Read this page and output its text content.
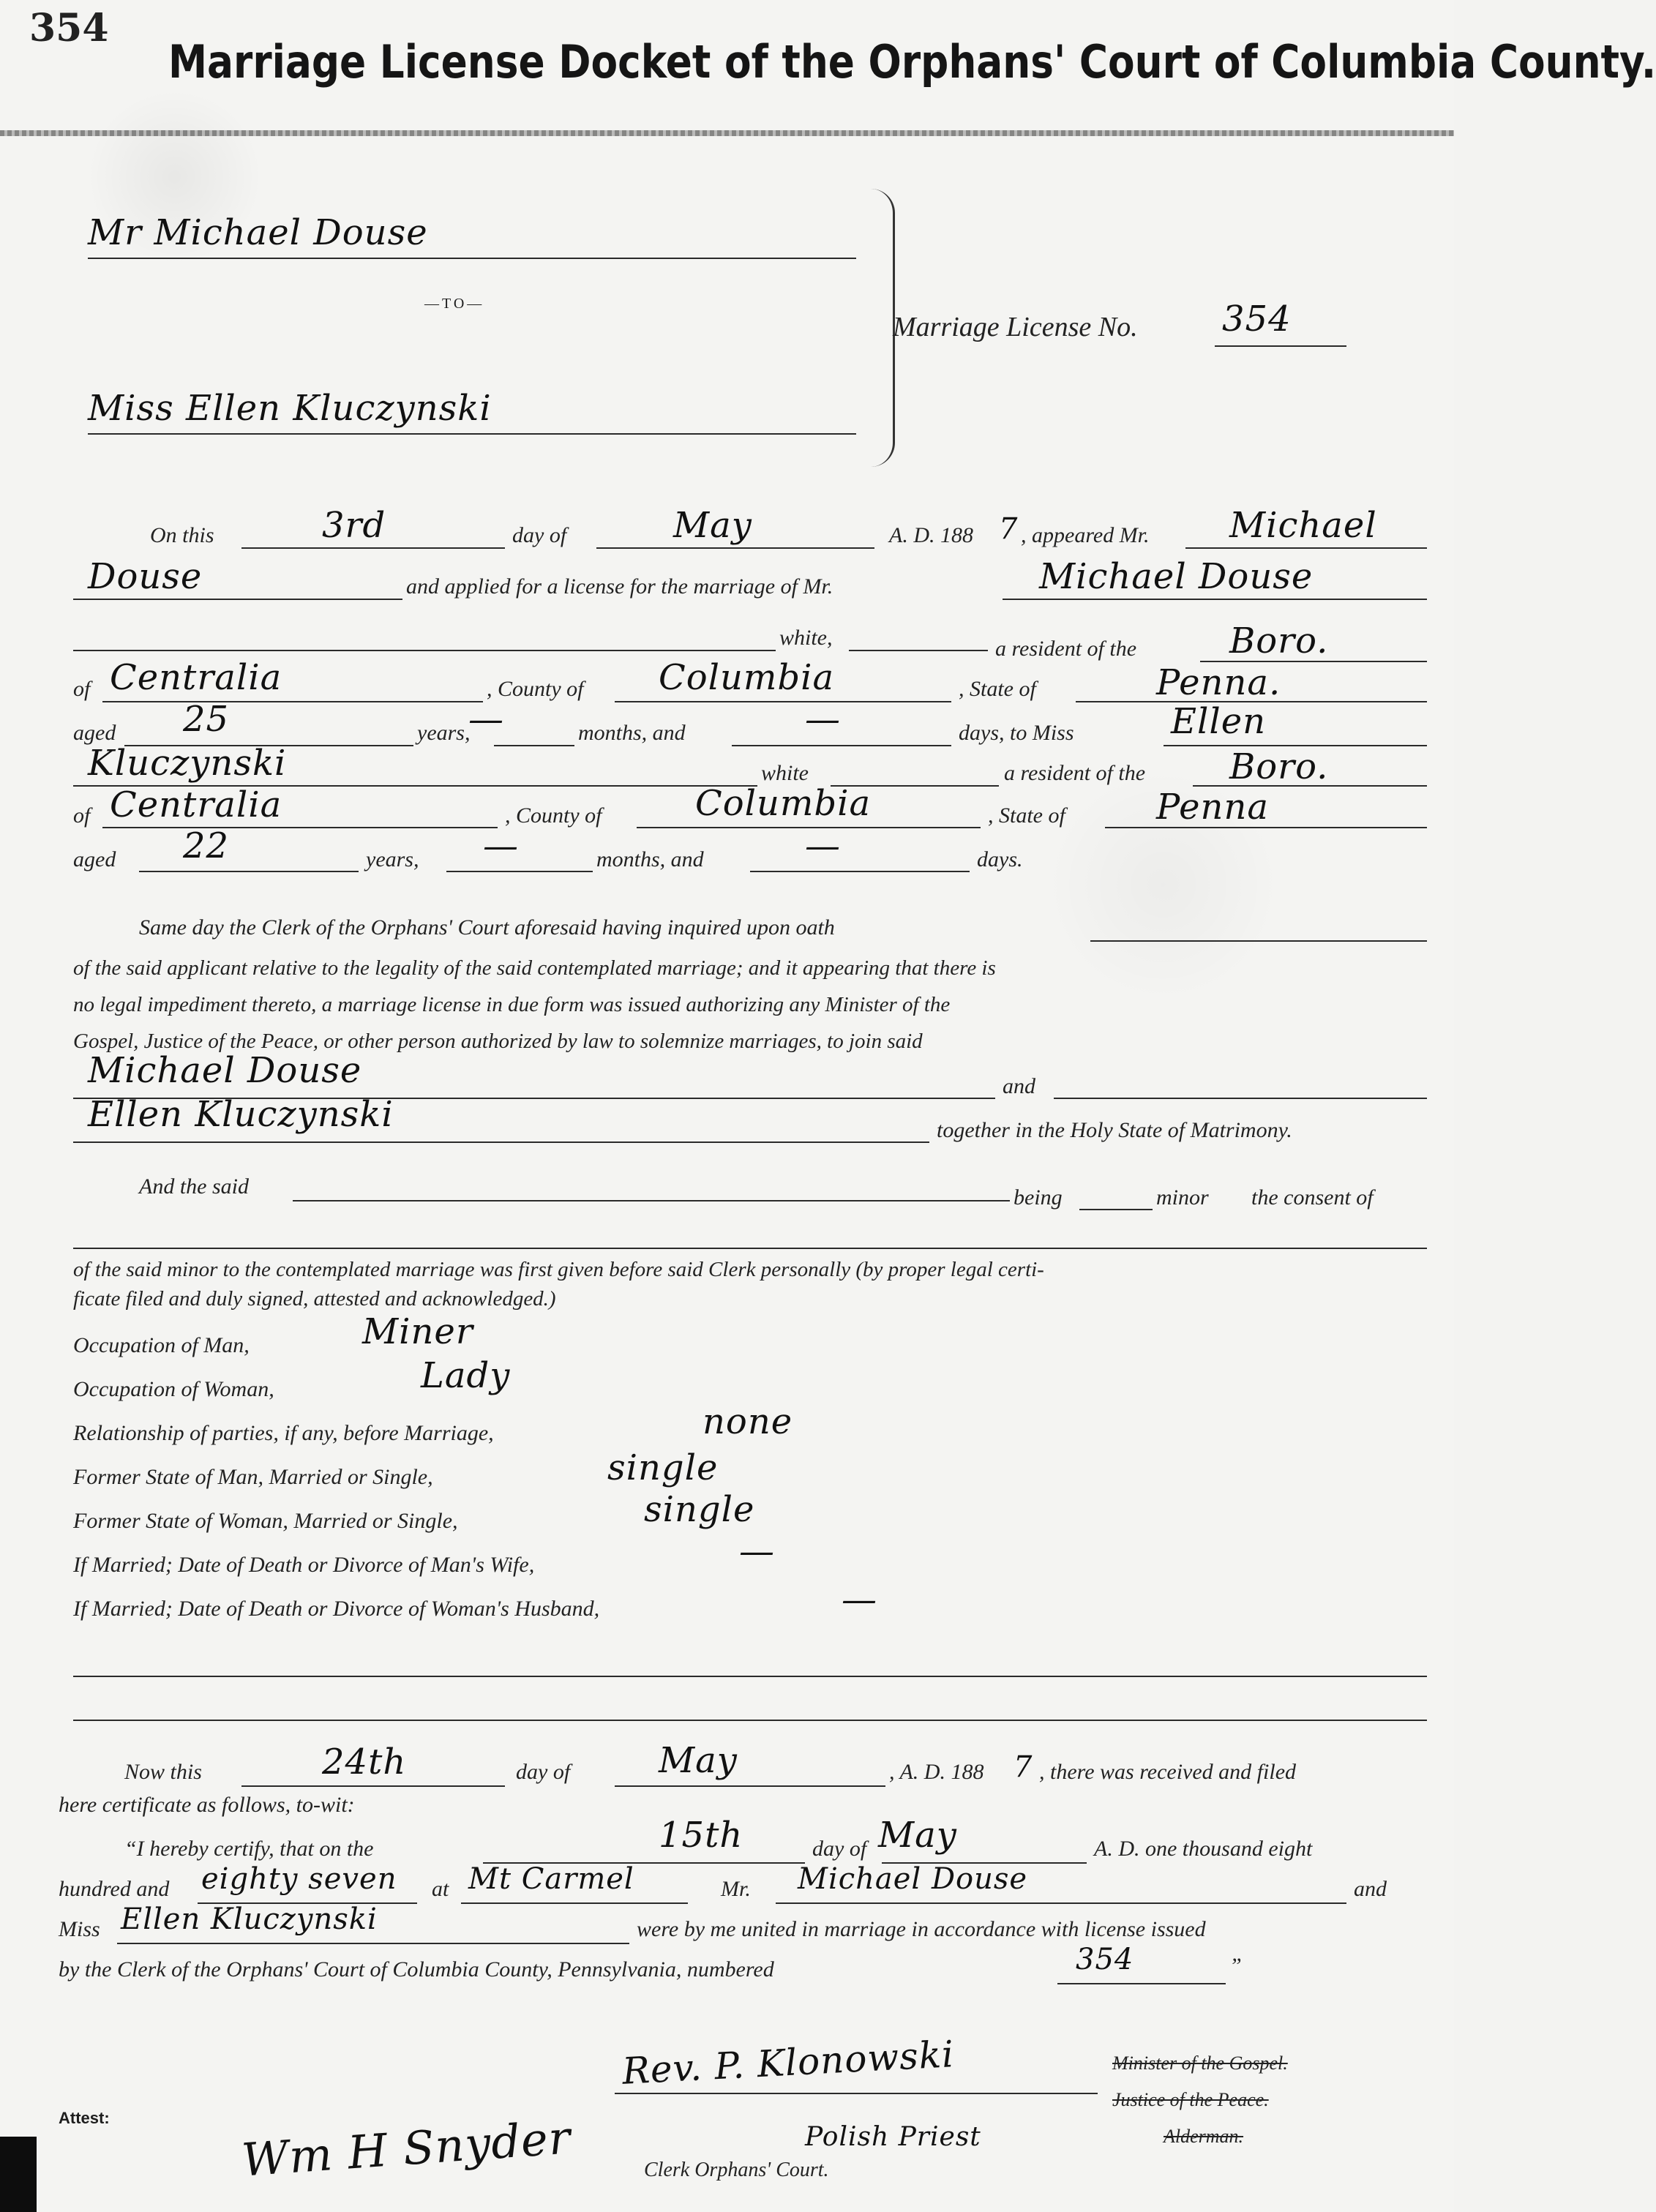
354
Marriage License Docket of the Orphans' Court of Columbia County.
Mr Michael Douse
—TO—
Miss Ellen Kluczynski
Marriage License No. 354
On this	3rd	day of	May	A. D. 188 7 , appeared Mr. Michael
Douse	and applied for a license for the marriage of Mr.	Michael Douse
white,	a resident of the	Boro.
of Centralia	, County of Columbia	, State of	Penna.
aged 25	years,
—	months, and	—	days, to Miss	Ellen
Kluczynski	white	a resident of the Boro.
of Centralia	, County of	Columbia	, State of	Penna
aged 22	years, —	months, and	—	days.
Same day the Clerk of the Orphans' Court aforesaid having inquired upon oath
of the said applicant relative to the legality of the said contemplated marriage; and it appearing that there is
no legal impediment thereto, a marriage license in due form was issued authorizing any Minister of the
Gospel, Justice of the Peace, or other person authorized by law to solemnize marriages, to join said
Michael Douse	and
Ellen Kluczynski	together in the Holy State of Matrimony.
And the said	being	minor the consent of
of the said minor to the contemplated marriage was first given before said Clerk personally (by proper legal certi-
ficate filed and duly signed, attested and acknowledged.)
Occupation of Man,	Miner
Occupation of Woman,	Lady
Relationship of parties, if any, before Marriage,	none
Former State of Man, Married or Single,	single
Former State of Woman, Married or Single,	single
If Married; Date of Death or Divorce of Man's Wife,	—
If Married; Date of Death or Divorce of Woman's Husband,	—
Now this	24th	day of	May	, A. D. 188 7 , there was received and filed
here certificate as follows, to-wit:
“I hereby certify, that on the	15th	day of May	A. D. one thousand eight
hundred and eighty seven at Mt Carmel	Mr. Michael Douse	and
Miss Ellen Kluczynski	were by me united in marriage in accordance with license issued
by the Clerk of the Orphans' Court of Columbia County, Pennsylvania, numbered	354	”
Rev. P. Klonowski
Polish Priest
Minister of the Gospel.
Justice of the Peace.
Alderman.
Attest:	Wm H Snyder	Clerk Orphans' Court.
